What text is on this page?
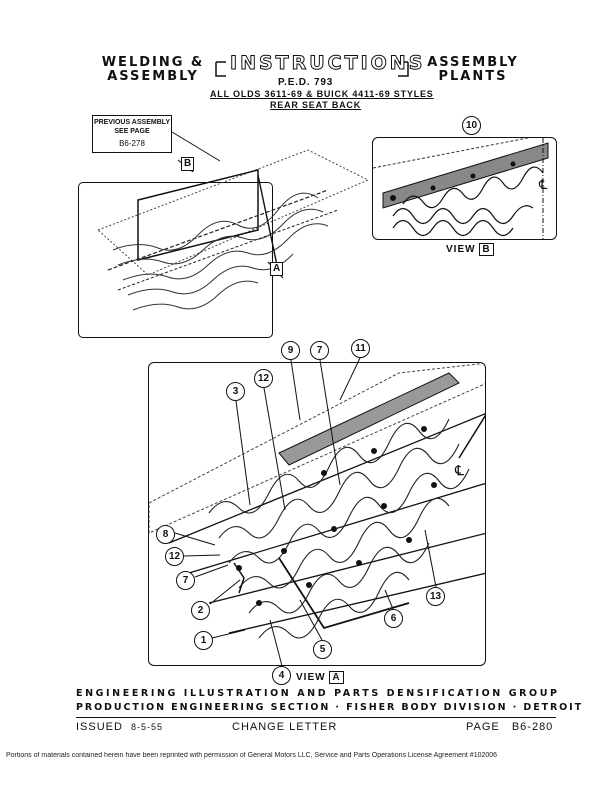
WELDING &
ASSEMBLY
INSTRUCTIONS ASSEMBLY
PLANTS
P.E.D. 793
ALL OLDS 3611-69 & BUICK 4411-69 STYLES
REAR SEAT BACK
PREVIOUS ASSEMBLY
SEE PAGE
B6-278
B
A
℄
10
VIEW B
℄
9	7	11
3
12
8
12
7
2
1
4
5
6
13
VIEW A
ENGINEERING ILLUSTRATION AND PARTS DENSIFICATION GROUP
PRODUCTION ENGINEERING SECTION · FISHER BODY DIVISION · DETROIT
ISSUED 8-5-55	CHANGE LETTER	PAGE B6-280
Portions of materials contained herein have been reprinted with permission of General Motors LLC, Service and Parts Operations License Agreement #102006
